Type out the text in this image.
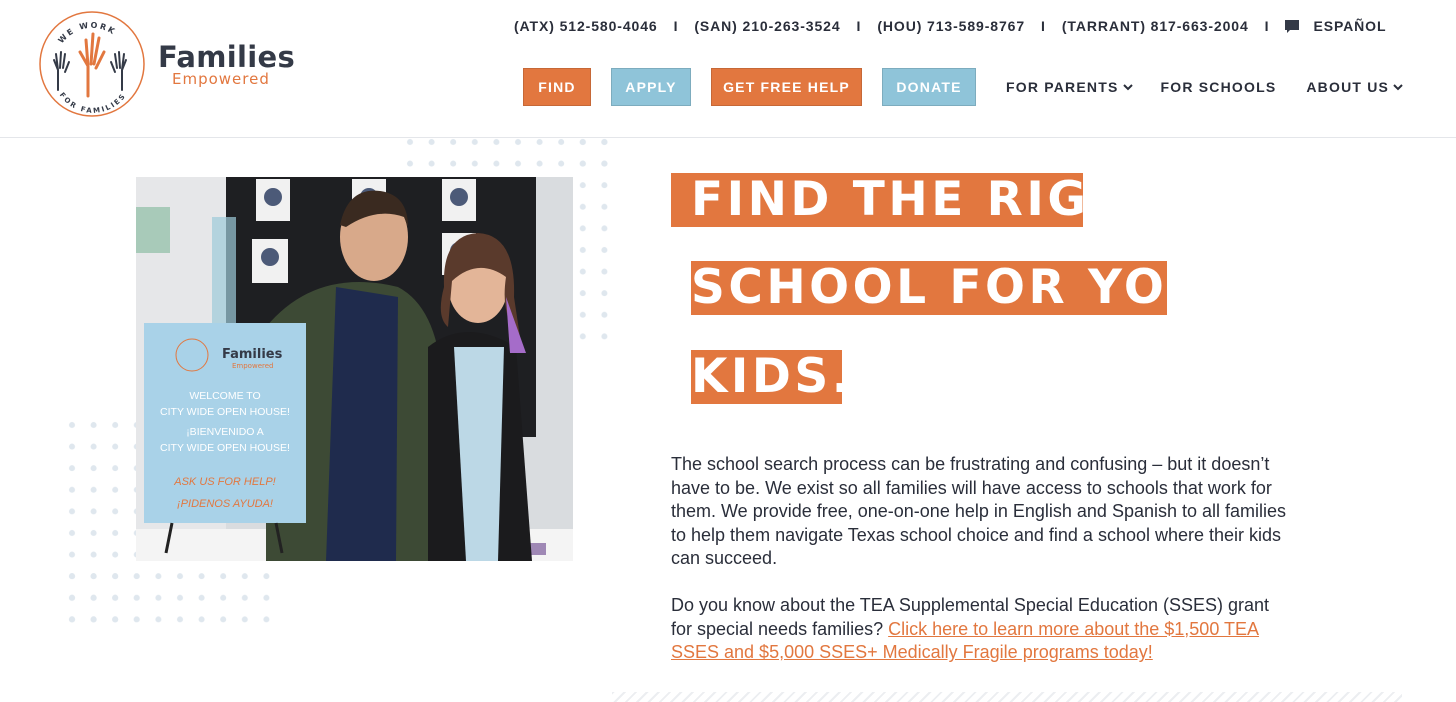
WE WORK
FOR FAMILIES
Families
Empowered
(ATX) 512-580-4046 I (SAN) 210-263-3524 I (HOU) 713-589-8767 I (TARRANT) 817-663-2004 I	ESPAÑOL
FIND	APPLY	GET FREE HELP	DONATE	FOR PARENTS	FOR SCHOOLS ABOUT US
Families
Empowered
WELCOME TO
CITY WIDE OPEN HOUSE!
¡BIENVENIDO A
CITY WIDE OPEN HOUSE!
ASK US FOR HELP!
¡PIDENOS AYUDA!
FIND THE RIGHT
SCHOOL FOR YOUR
KIDS.

The school search process can be frustrating and confusing – but it doesn’t have to be. We exist so all families will have access to schools that work for them. We provide free, one-on-one help in English and Spanish to all families to help them navigate Texas school choice and find a school where their kids can succeed.

Do you know about the TEA Supplemental Special Education (SSES) grant for special needs families? Click here to learn more about the $1,500 TEA SSES and $5,000 SSES+ Medically Fragile programs today!
